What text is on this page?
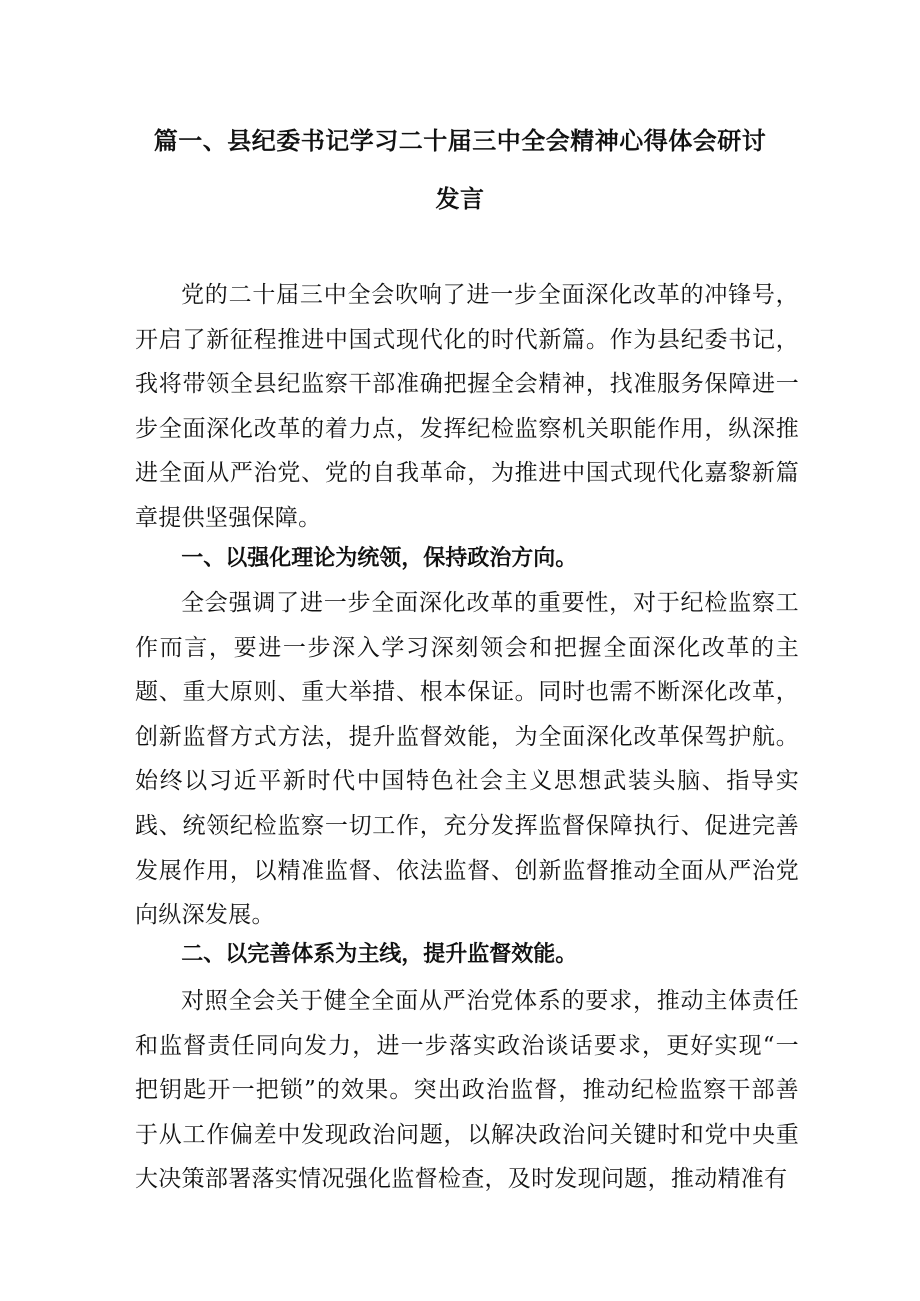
篇一、县纪委书记学习二十届三中全会精神心得体会研讨
发言

党的二十届三中全会吹响了进一步全面深化改革的冲锋号，开启了新征程推进中国式现代化的时代新篇。作为县纪委书记，我将带领全县纪监察干部准确把握全会精神，找准服务保障进一步全面深化改革的着力点，发挥纪检监察机关职能作用，纵深推进全面从严治党、党的自我革命，为推进中国式现代化嘉黎新篇章提供坚强保障。

一、以强化理论为统领，保持政治方向。

全会强调了进一步全面深化改革的重要性，对于纪检监察工作而言，要进一步深入学习深刻领会和把握全面深化改革的主题、重大原则、重大举措、根本保证。同时也需不断深化改革，创新监督方式方法，提升监督效能，为全面深化改革保驾护航。始终以习近平新时代中国特色社会主义思想武装头脑、指导实践、统领纪检监察一切工作，充分发挥监督保障执行、促进完善发展作用，以精准监督、依法监督、创新监督推动全面从严治党向纵深发展。

二、以完善体系为主线，提升监督效能。

对照全会关于健全全面从严治党体系的要求，推动主体责任和监督责任同向发力，进一步落实政治谈话要求，更好实现“一把钥匙开一把锁”的效果。突出政治监督，推动纪检监察干部善于从工作偏差中发现政治问题，以解决政治问关键时和党中央重大决策部署落实情况强化监督检查，及时发现问题，推动精准有
